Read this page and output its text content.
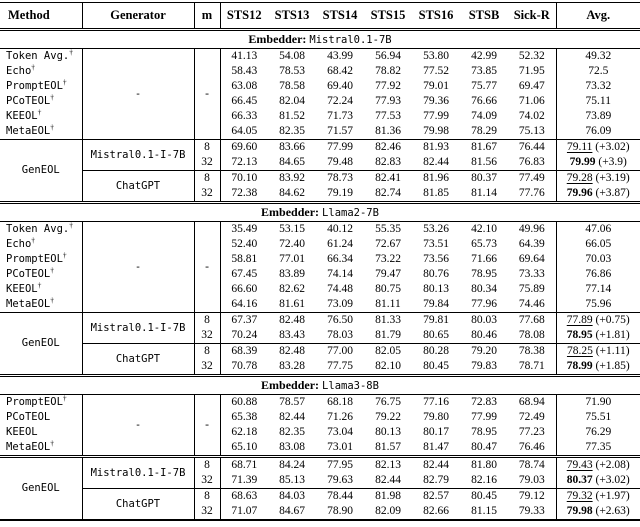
Method	Generator	m	STS12	STS13	STS14	STS15	STS16	STSB	Sick-R	Avg.
Embedder: Mistral0.1-7B										
Token Avg.†	-	-	41.13	54.08	43.99	56.94	53.80	42.99	52.32	49.32
Echo†			58.43	78.53	68.42	78.82	77.52	73.85	71.95	72.5
PromptEOL†			63.08	78.58	69.40	77.92	79.01	75.77	69.47	73.32
PCoTEOL†			66.45	82.04	72.24	77.93	79.36	76.66	71.06	75.11
KEEOL†			66.33	81.52	71.73	77.53	77.99	74.09	74.02	73.89
MetaEOL†			64.05	82.35	71.57	81.36	79.98	78.29	75.13	76.09
GenEOL	Mistral0.1-I-7B	8	69.60	83.66	77.99	82.46	81.93	81.67	76.44	79.11 (+3.02)
		32	72.13	84.65	79.48	82.83	82.44	81.56	76.83	79.99 (+3.9)
	ChatGPT	8	70.10	83.92	78.73	82.41	81.96	80.37	77.49	79.28 (+3.19)
		32	72.38	84.62	79.19	82.74	81.85	81.14	77.76	79.96 (+3.87)
Embedder: Llama2-7B										
Token Avg.†	-	-	35.49	53.15	40.12	55.35	53.26	42.10	49.96	47.06
Echo†			52.40	72.40	61.24	72.67	73.51	65.73	64.39	66.05
PromptEOL†			58.81	77.01	66.34	73.22	73.56	71.66	69.64	70.03
PCoTEOL†			67.45	83.89	74.14	79.47	80.76	78.95	73.33	76.86
KEEOL†			66.60	82.62	74.48	80.75	80.13	80.34	75.89	77.14
MetaEOL†			64.16	81.61	73.09	81.11	79.84	77.96	74.46	75.96
GenEOL	Mistral0.1-I-7B	8	67.37	82.48	76.50	81.33	79.81	80.03	77.68	77.89 (+0.75)
		32	70.24	83.43	78.03	81.79	80.65	80.46	78.08	78.95 (+1.81)
	ChatGPT	8	68.39	82.48	77.00	82.05	80.28	79.20	78.38	78.25 (+1.11)
		32	70.78	83.28	77.75	82.10	80.45	79.83	78.71	78.99 (+1.85)
Embedder: Llama3-8B										
PromptEOL†	-	-	60.88	78.57	68.18	76.75	77.16	72.83	68.94	71.90
PCoTEOL			65.38	82.44	71.26	79.22	79.80	77.99	72.49	75.51
KEEOL			62.18	82.35	73.04	80.13	80.17	78.95	77.23	76.29
MetaEOL†			65.10	83.08	73.01	81.57	81.47	80.47	76.46	77.35
GenEOL	Mistral0.1-I-7B	8	68.71	84.24	77.95	82.13	82.44	81.80	78.74	79.43 (+2.08)
		32	71.39	85.13	79.63	82.44	82.79	82.16	79.03	80.37 (+3.02)
	ChatGPT	8	68.63	84.03	78.44	81.98	82.57	80.45	79.12	79.32 (+1.97)
		32	71.07	84.67	78.90	82.09	82.66	81.15	79.33	79.98 (+2.63)
